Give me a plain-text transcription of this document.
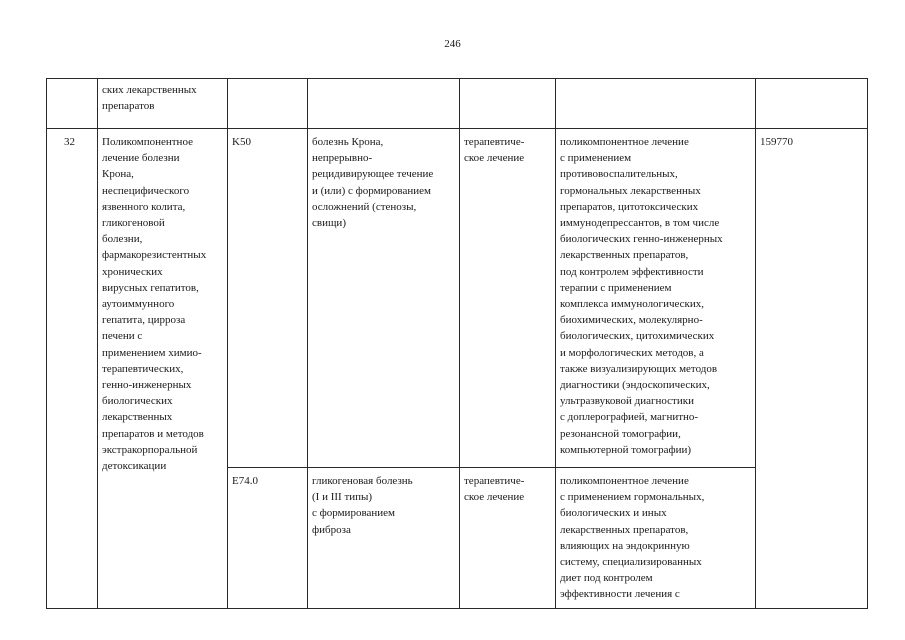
246
ских лекарственных
препаратов
32 Поликомпонентное
лечение болезни
Крона,
неспецифического
язвенного колита,
гликогеновой
болезни,
фармакорезистентных
хронических
вирусных гепатитов,
аутоиммунного
гепатита, цирроза
печени с
применением химио-
терапевтических,
генно-инженерных
биологических
лекарственных
препаратов и методов
экстракорпоральной
детоксикации
159770
K50	болезнь Крона,
непрерывно-
рецидивирующее течение
и (или) с формированием
осложнений (стенозы,
свищи)
терапевтиче-
ское лечение
поликомпонентное лечение
с применением
противовоспалительных,
гормональных лекарственных
препаратов, цитотоксических
иммунодепрессантов, в том числе
биологических генно-инженерных
лекарственных препаратов,
под контролем эффективности
терапии с применением
комплекса иммунологических,
биохимических, молекулярно-
биологических, цитохимических
и морфологических методов, а
также визуализирующих методов
диагностики (эндоскопических,
ультразвуковой диагностики
с доплерографией, магнитно-
резонансной томографии,
компьютерной томографии)
E74.0	гликогеновая болезнь
(I и III типы)
с формированием
фиброза
терапевтиче-
ское лечение
поликомпонентное лечение
с применением гормональных,
биологических и иных
лекарственных препаратов,
влияющих на эндокринную
систему, специализированных
диет под контролем
эффективности лечения с
